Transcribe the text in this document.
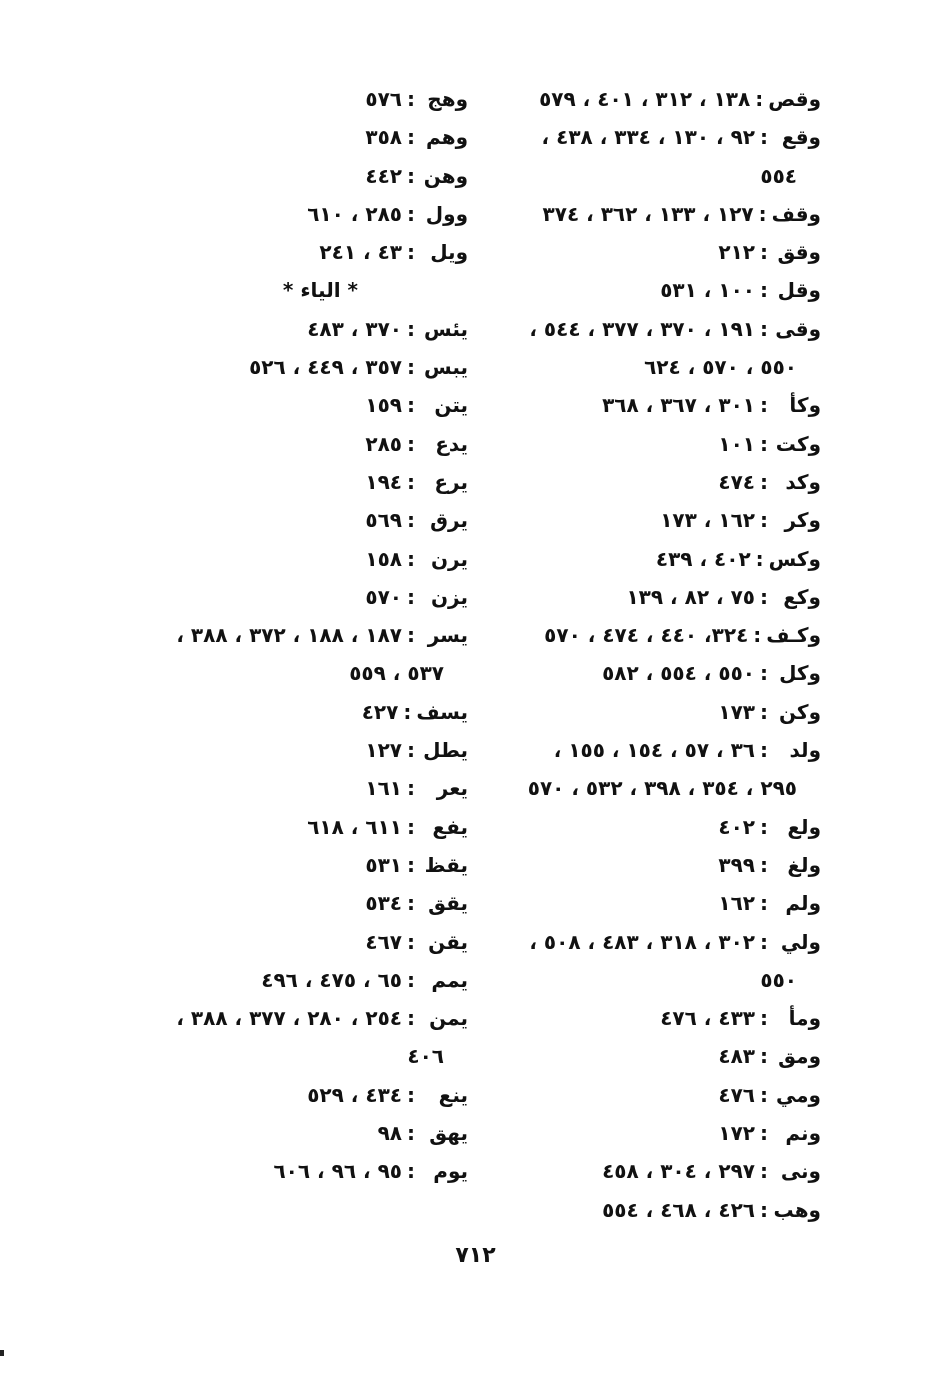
وقص:١٣٨ ، ٣١٢ ، ٤٠١ ، ٥٧٩
وقع:٩٢ ، ١٣٠ ، ٣٣٤ ، ٤٣٨ ،
٥٥٤
وقف:١٢٧ ، ١٣٣ ، ٣٦٢ ، ٣٧٤
وقق:٢١٢
وقل:١٠٠ ، ٥٣١
وقى:١٩١ ، ٣٧٠ ، ٣٧٧ ، ٥٤٤ ،
٥٥٠ ، ٥٧٠ ، ٦٢٤
وكأ:٣٠١ ، ٣٦٧ ، ٣٦٨
وكت:١٠١
وكد:٤٧٤
وكر:١٦٢ ، ١٧٣
وكس:٤٠٢ ، ٤٣٩
وكع:٧٥ ، ٨٢ ، ١٣٩
وكـف:٣٢٤، ٤٤٠ ، ٤٧٤ ، ٥٧٠
وكل:٥٥٠ ، ٥٥٤ ، ٥٨٢
وكن:١٧٣
ولد:٣٦ ، ٥٧ ، ١٥٤ ، ١٥٥ ،
٢٩٥ ، ٣٥٤ ، ٣٩٨ ، ٥٣٢ ، ٥٧٠
ولع:٤٠٢
ولغ:٣٩٩
ولم:١٦٢
ولي:٣٠٢ ، ٣١٨ ، ٤٨٣ ، ٥٠٨ ،
٥٥٠
ومأ:٤٣٣ ، ٤٧٦
ومق:٤٨٣
ومي:٤٧٦
ونم:١٧٢
ونى:٢٩٧ ، ٣٠٤ ، ٤٥٨
وهب:٤٢٦ ، ٤٦٨ ، ٥٥٤
وهج:٥٧٦
وهم:٣٥٨
وهن:٤٤٢
وول:٢٨٥ ، ٦١٠
ويل:٤٣ ، ٢٤١
* الياء *
يئس:٣٧٠ ، ٤٨٣
يبس:٣٥٧ ، ٤٤٩ ، ٥٢٦
يتن:١٥٩
يدع:٢٨٥
يرع:١٩٤
يرق:٥٦٩
يرن:١٥٨
يزن:٥٧٠
يسر:١٨٧ ، ١٨٨ ، ٣٧٢ ، ٣٨٨ ،
٥٣٧ ، ٥٥٩
يسف:٤٢٧
يطل:١٢٧
يعر:١٦١
يفع:٦١١ ، ٦١٨
يقظ:٥٣١
يقق:٥٣٤
يقن:٤٦٧
يمم:٦٥ ، ٤٧٥ ، ٤٩٦
يمن:٢٥٤ ، ٢٨٠ ، ٣٧٧ ، ٣٨٨ ،
٤٠٦
ينع:٤٣٤ ، ٥٢٩
يهق:٩٨
يوم:٩٥ ، ٩٦ ، ٦٠٦
٧١٢
